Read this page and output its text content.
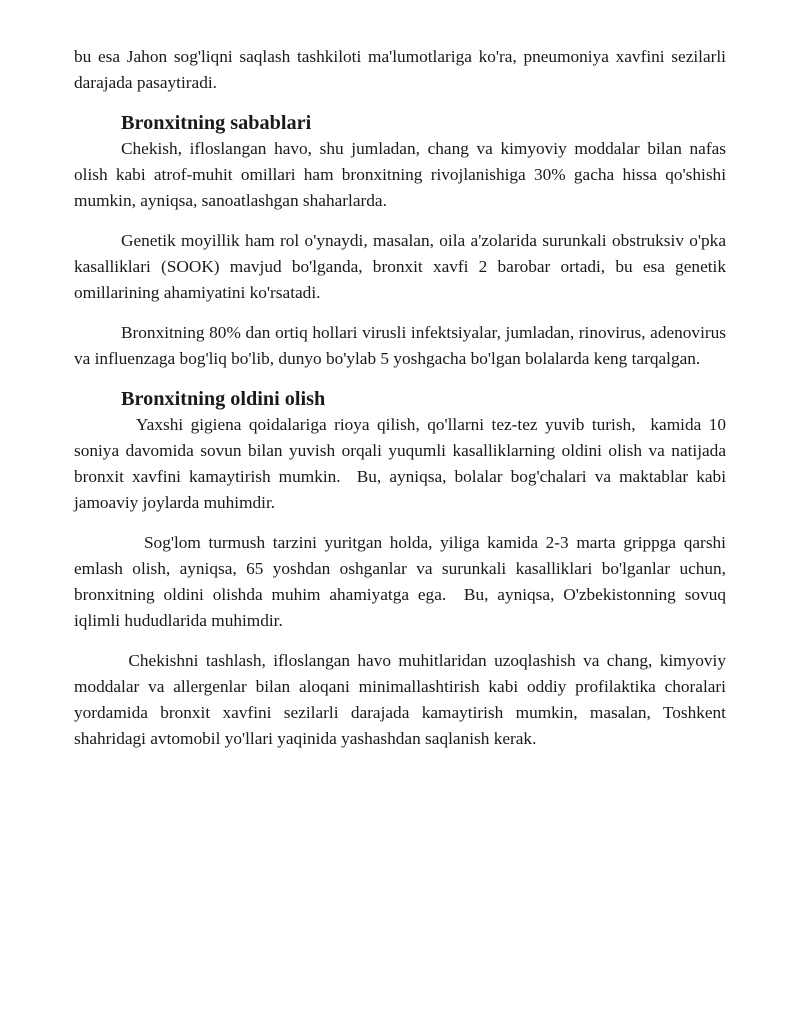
bu esa Jahon sog'liqni saqlash tashkiloti ma'lumotlariga ko'ra, pneumoniya xavfini sezilarli darajada pasaytiradi.

Bronxitning sabablari

Chekish, ifloslangan havo, shu jumladan, chang va kimyoviy moddalar bilan nafas olish kabi atrof-muhit omillari ham bronxitning rivojlanishiga 30% gacha hissa qo'shishi mumkin, ayniqsa, sanoatlashgan shaharlarda.

Genetik moyillik ham rol o'ynaydi, masalan, oila a'zolarida surunkali obstruksiv o'pka kasalliklari (SOOK) mavjud bo'lganda, bronxit xavfi 2 barobar ortadi, bu esa genetik omillarining ahamiyatini ko'rsatadi.

Bronxitning 80% dan ortiq hollari virusli infektsiyalar, jumladan, rinovirus, adenovirus va influenzaga bog'liq bo'lib, dunyo bo'ylab 5 yoshgacha bo'lgan bolalarda keng tarqalgan.

Bronxitning oldini olish

Yaxshi gigiena qoidalariga rioya qilish, qo'llarni tez-tez yuvib turish,  kamida 10 soniya davomida sovun bilan yuvish orqali yuqumli kasalliklarning oldini olish va natijada bronxit xavfini kamaytirish mumkin.  Bu, ayniqsa, bolalar bog'chalari va maktablar kabi jamoaviy joylarda muhimdir.

Sog'lom turmush tarzini yuritgan holda, yiliga kamida 2-3 marta grippga qarshi emlash olish, ayniqsa, 65 yoshdan oshganlar va surunkali kasalliklari bo'lganlar uchun, bronxitning oldini olishda muhim ahamiyatga ega.  Bu, ayniqsa, O'zbekistonning sovuq iqlimli hududlarida muhimdir.

Chekishni tashlash, ifloslangan havo muhitlaridan uzoqlashish va chang, kimyoviy moddalar va allergenlar bilan aloqani minimallashtirish kabi oddiy profilaktika choralari yordamida bronxit xavfini sezilarli darajada kamaytirish mumkin, masalan, Toshkent shahridagi avtomobil yo'llari yaqinida yashashdan saqlanish kerak.
